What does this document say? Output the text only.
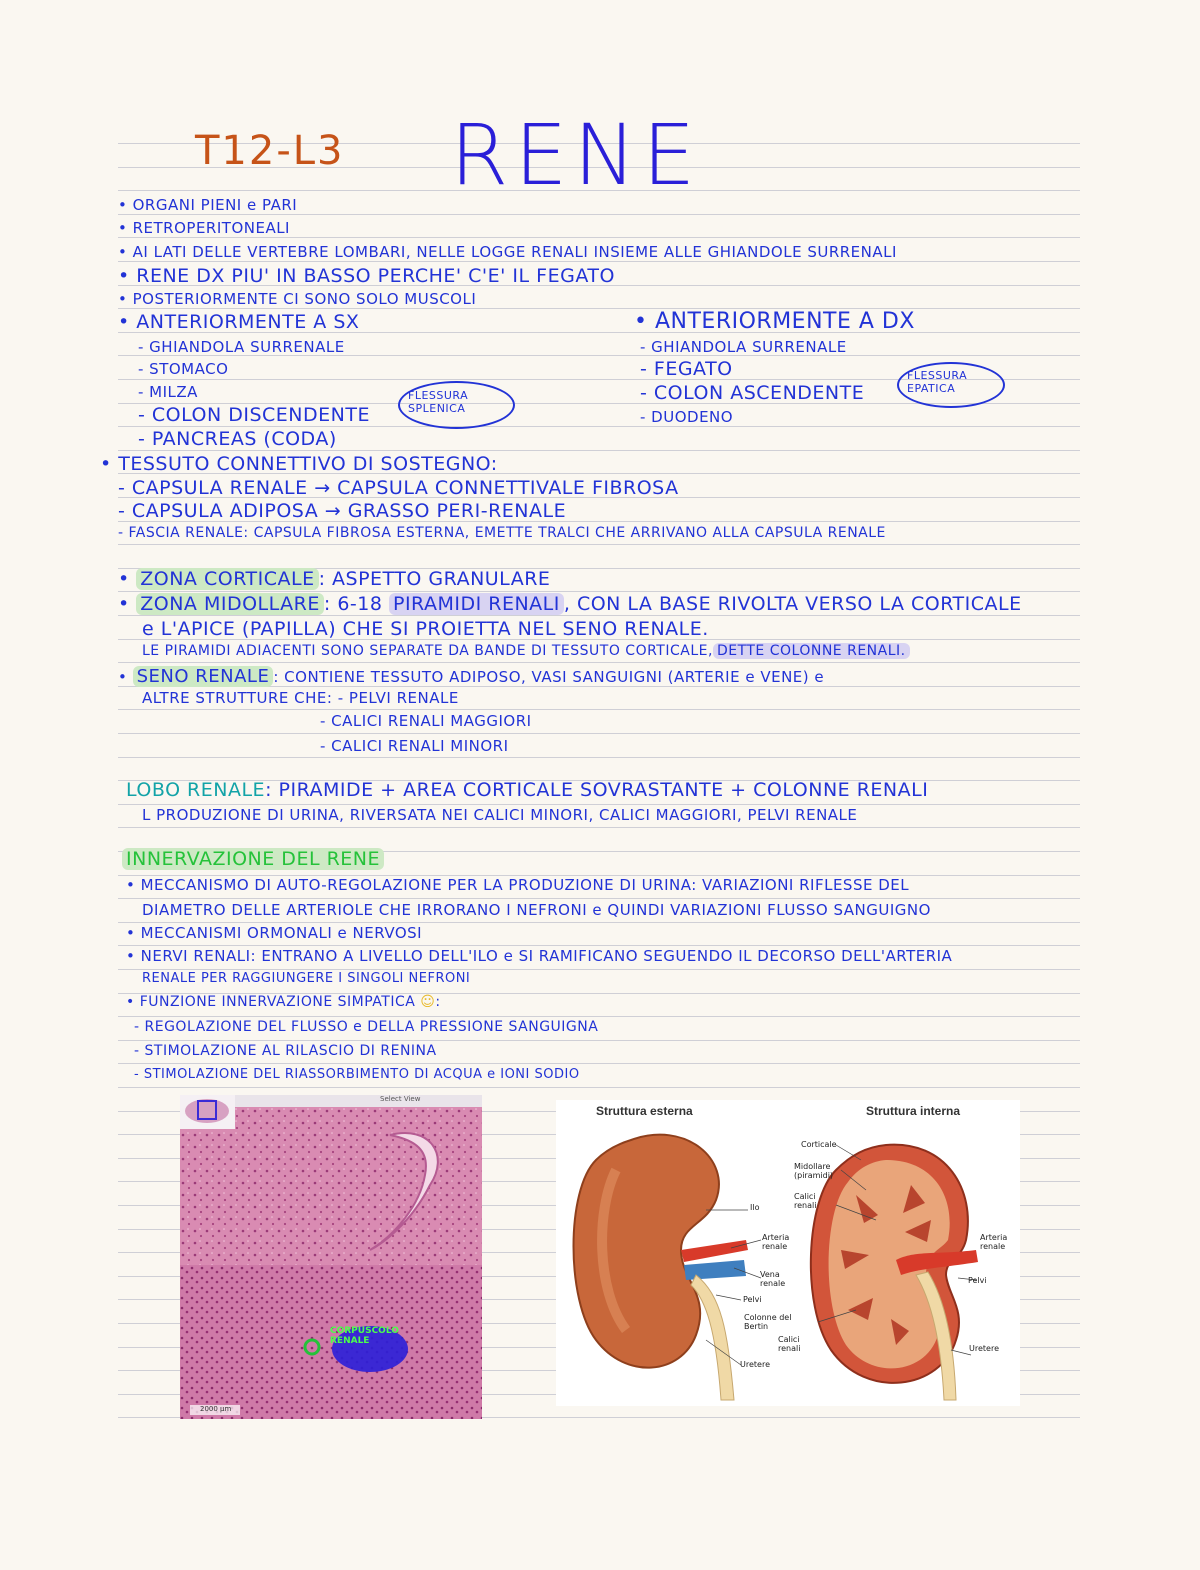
T12-L3 RENE
• ORGANI PIENI e PARI
• RETROPERITONEALI
• AI LATI DELLE VERTEBRE LOMBARI, NELLE LOGGE RENALI INSIEME ALLE GHIANDOLE SURRENALI
• RENE DX PIU' IN BASSO PERCHE' C'E' IL FEGATO
• POSTERIORMENTE CI SONO SOLO MUSCOLI
• ANTERIORMENTE A SX
- GHIANDOLA SURRENALE
- STOMACO
- MILZA
- COLON DISCENDENTE
- PANCREAS (CODA)
FLESSURA SPLENICA
• ANTERIORMENTE A DX
- GHIANDOLA SURRENALE
- FEGATO
- COLON ASCENDENTE
- DUODENO
FLESSURA EPATICA
• TESSUTO CONNETTIVO DI SOSTEGNO:
- CAPSULA RENALE → CAPSULA CONNETTIVALE FIBROSA
- CAPSULA ADIPOSA → GRASSO PERI-RENALE
- FASCIA RENALE: CAPSULA FIBROSA ESTERNA, EMETTE TRALCI CHE ARRIVANO ALLA CAPSULA RENALE
• ZONA CORTICALE : ASPETTO GRANULARE
• ZONA MIDOLLARE : 6-18 PIRAMIDI RENALI , CON LA BASE RIVOLTA VERSO LA CORTICALE
e L'APICE (PAPILLA) CHE SI PROIETTA NEL SENO RENALE.
LE PIRAMIDI ADIACENTI SONO SEPARATE DA BANDE DI TESSUTO CORTICALE, DETTE COLONNE RENALI.
• SENO RENALE : CONTIENE TESSUTO ADIPOSO, VASI SANGUIGNI (ARTERIE e VENE) e
ALTRE STRUTTURE CHE: - PELVI RENALE
- CALICI RENALI MAGGIORI
- CALICI RENALI MINORI
LOBO RENALE: PIRAMIDE + AREA CORTICALE SOVRASTANTE + COLONNE RENALI
L PRODUZIONE DI URINA, RIVERSATA NEI CALICI MINORI, CALICI MAGGIORI, PELVI RENALE
INNERVAZIONE DEL RENE
• MECCANISMO DI AUTO-REGOLAZIONE PER LA PRODUZIONE DI URINA: VARIAZIONI RIFLESSE DEL
DIAMETRO DELLE ARTERIOLE CHE IRRORANO I NEFRONI e QUINDI VARIAZIONI FLUSSO SANGUIGNO
• MECCANISMI ORMONALI e NERVOSI
• NERVI RENALI: ENTRANO A LIVELLO DELL'ILO e SI RAMIFICANO SEGUENDO IL DECORSO DELL'ARTERIA
RENALE PER RAGGIUNGERE I SINGOLI NEFRONI
• FUNZIONE INNERVAZIONE SIMPATICA ☺:
- REGOLAZIONE DEL FLUSSO e DELLA PRESSIONE SANGUIGNA
- STIMOLAZIONE AL RILASCIO DI RENINA
- STIMOLAZIONE DEL RIASSORBIMENTO DI ACQUA e IONI SODIO
Select View
CORPUSCOLO RENALE
2000 µm
Struttura esterna	Struttura interna
Ilo
Arteria renale
Vena renale
Pelvi
Uretere
Corticale
Midollare (piramidi)
Calici renali
Colonne del Bertin
Calici renali
Arteria renale
Pelvi
Uretere
